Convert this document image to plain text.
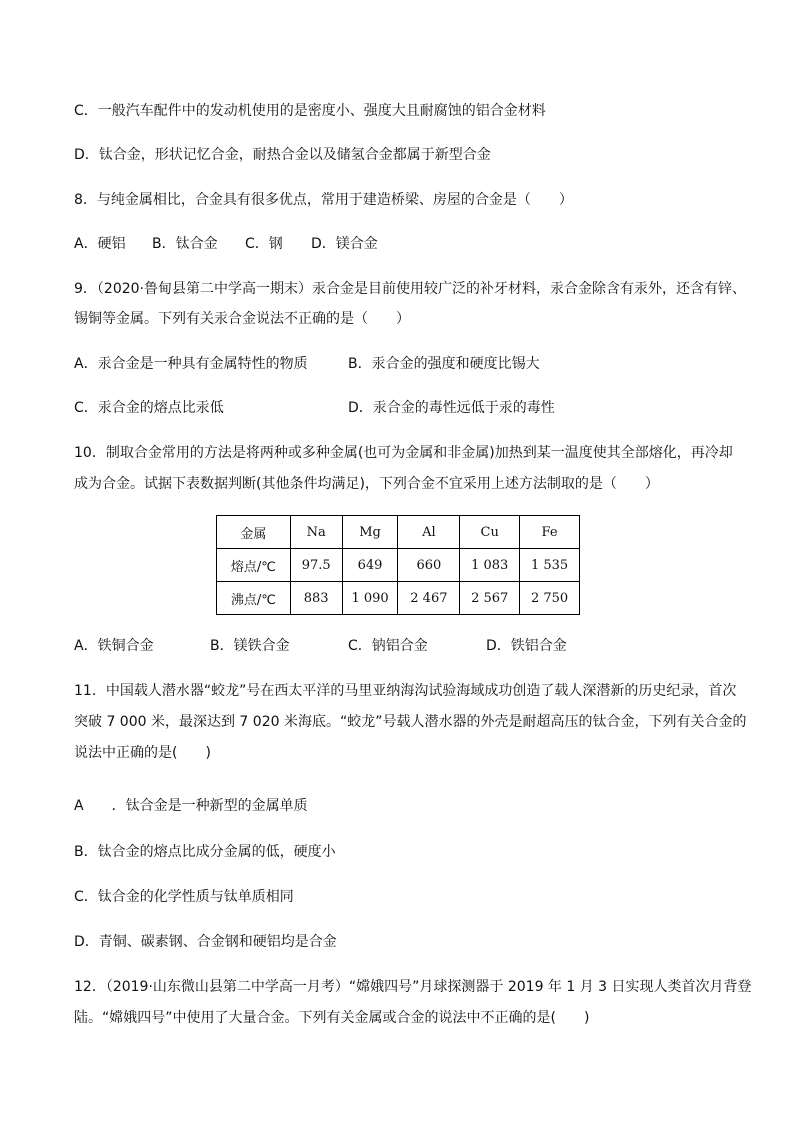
C．一般汽车配件中的发动机使用的是密度小、强度大且耐腐蚀的铝合金材料
D．钛合金，形状记忆合金，耐热合金以及储氢合金都属于新型合金
8．与纯金属相比，合金具有很多优点，常用于建造桥梁、房屋的合金是（　　）
A．硬铝 B．钛合金 C．钢 D．镁合金
9．（2020·鲁甸县第二中学高一期末）汞合金是目前使用较广泛的补牙材料，汞合金除含有汞外，还含有锌、
锡铜等金属。下列有关汞合金说法不正确的是（　　）
A．汞合金是一种具有金属特性的物质	B．汞合金的强度和硬度比锡大
C．汞合金的熔点比汞低	D．汞合金的毒性远低于汞的毒性
10．制取合金常用的方法是将两种或多种金属(也可为金属和非金属)加热到某一温度使其全部熔化，再冷却
成为合金。试据下表数据判断(其他条件均满足)，下列合金不宜采用上述方法制取的是（　　）
金属	Na	Mg	Al	Cu	Fe
熔点/℃	97.5	649	660	1 083	1 535
沸点/℃	883	1 090	2 467	2 567	2 750
A．铁铜合金	B．镁铁合金	C．钠铝合金	D．铁铝合金
11．中国载人潜水器“蛟龙”号在西太平洋的马里亚纳海沟试验海域成功创造了载人深潜新的历史纪录，首次
突破 7 000 米，最深达到 7 020 米海底。“蛟龙”号载人潜水器的外壳是耐超高压的钛合金，下列有关合金的
说法中正确的是(　　)
A　　．钛合金是一种新型的金属单质
B．钛合金的熔点比成分金属的低，硬度小
C．钛合金的化学性质与钛单质相同
D．青铜、碳素钢、合金钢和硬铝均是合金
12．（2019·山东微山县第二中学高一月考）“嫦娥四号”月球探测器于 2019 年 1 月 3 日实现人类首次月背登
陆。“嫦娥四号”中使用了大量合金。下列有关金属或合金的说法中不正确的是(　　)
